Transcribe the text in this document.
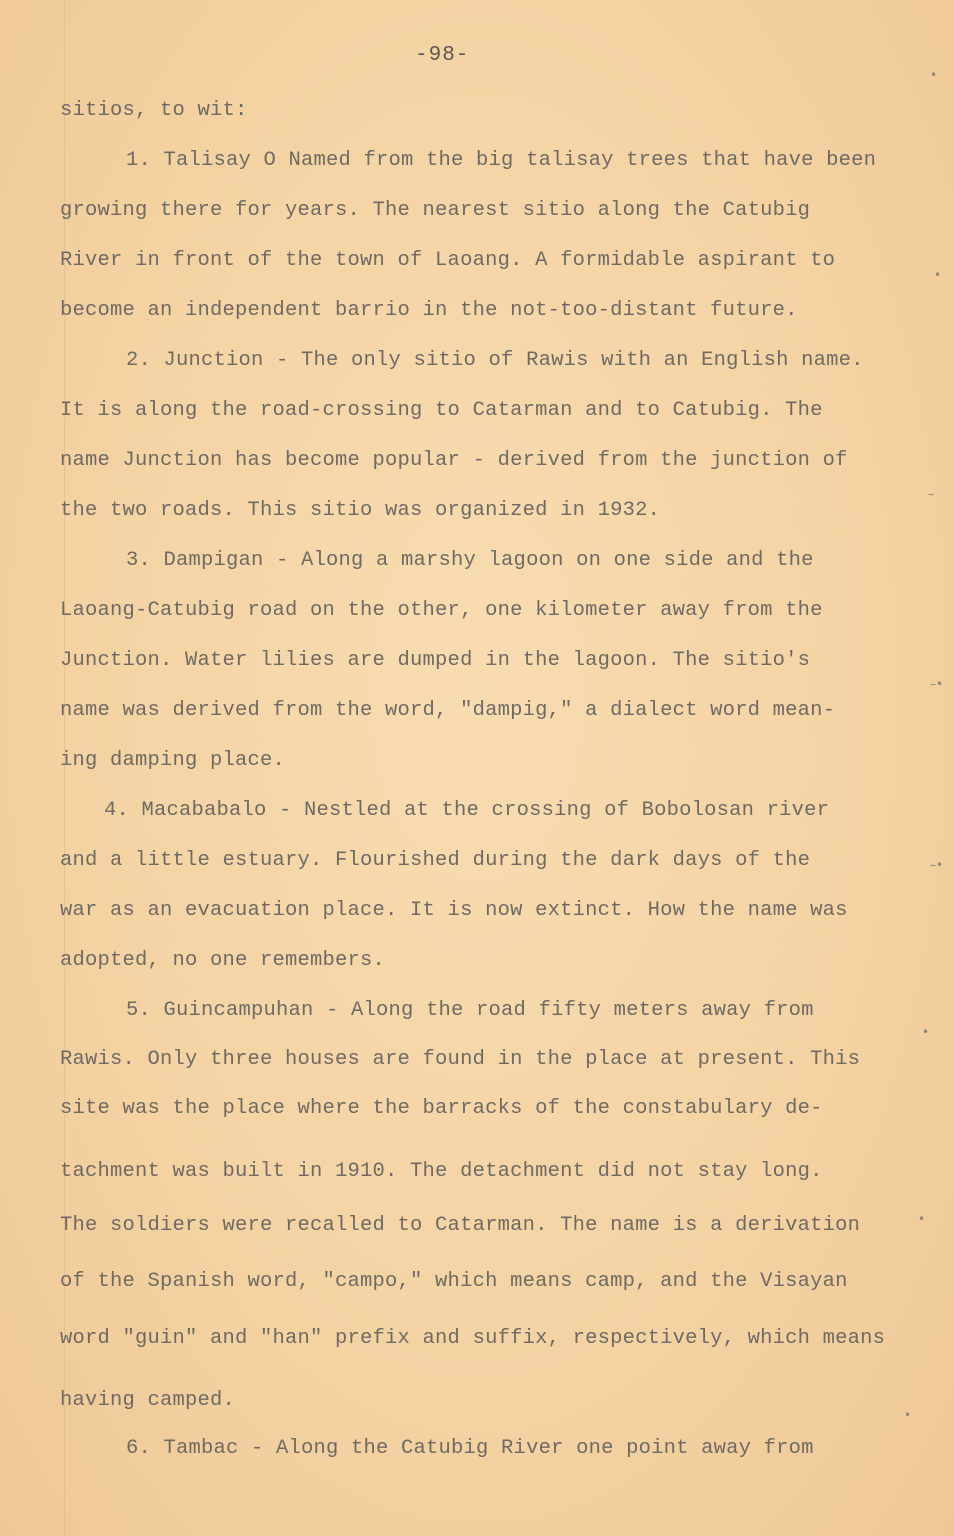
-98-
sitios, to wit:
1. Talisay O Named from the big talisay trees that have been
growing there for years. The nearest sitio along the Catubig
River in front of the town of Laoang. A formidable aspirant to
become an independent barrio in the not-too-distant future.
2. Junction - The only sitio of Rawis with an English name.
It is along the road-crossing to Catarman and to Catubig. The
name Junction has become popular - derived from the junction of
the two roads. This sitio was organized in 1932.
3. Dampigan - Along a marshy lagoon on one side and the
Laoang-Catubig road on the other, one kilometer away from the
Junction. Water lilies are dumped in the lagoon. The sitio's
name was derived from the word, "dampig," a dialect word mean-
ing damping place.
4. Macababalo - Nestled at the crossing of Bobolosan river
and a little estuary. Flourished during the dark days of the
war as an evacuation place. It is now extinct. How the name was
adopted, no one remembers.
5. Guincampuhan - Along the road fifty meters away from
Rawis. Only three houses are found in the place at present. This
site was the place where the barracks of the constabulary de-
tachment was built in 1910. The detachment did not stay long.
The soldiers were recalled to Catarman. The name is a derivation
of the Spanish word, "campo," which means camp, and the Visayan
word "guin" and "han" prefix and suffix, respectively, which means
having camped.
6. Tambac - Along the Catubig River one point away from
•
•
–
–•
–•
•
•
•
